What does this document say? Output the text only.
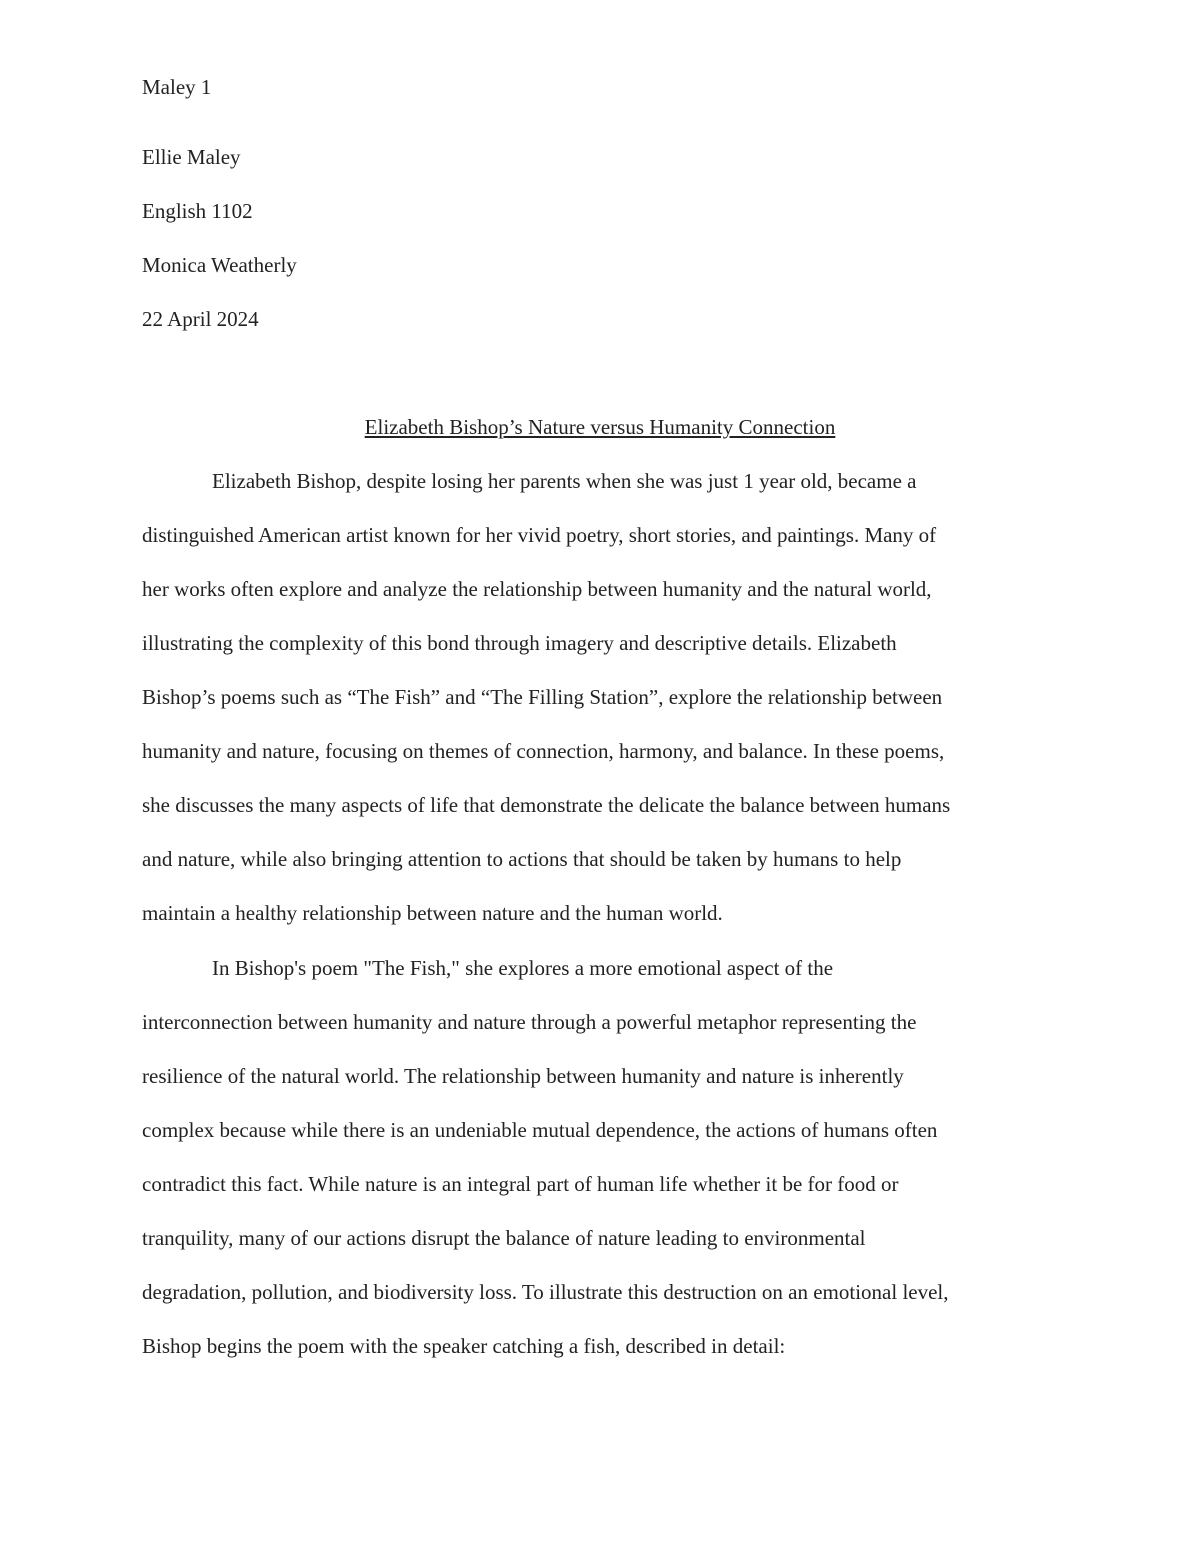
Maley 1

Ellie Maley

English 1102

Monica Weatherly

22 April 2024

Elizabeth Bishop’s Nature versus Humanity Connection

Elizabeth Bishop, despite losing her parents when she was just 1 year old, became a

distinguished American artist known for her vivid poetry, short stories, and paintings. Many of

her works often explore and analyze the relationship between humanity and the natural world,

illustrating the complexity of this bond through imagery and descriptive details. Elizabeth

Bishop’s poems such as “The Fish” and “The Filling Station”, explore the relationship between

humanity and nature, focusing on themes of connection, harmony, and balance. In these poems,

she discusses the many aspects of life that demonstrate the delicate the balance between humans

and nature, while also bringing attention to actions that should be taken by humans to help

maintain a healthy relationship between nature and the human world.

In Bishop's poem "The Fish," she explores a more emotional aspect of the

interconnection between humanity and nature through a powerful metaphor representing the

resilience of the natural world. The relationship between humanity and nature is inherently

complex because while there is an undeniable mutual dependence, the actions of humans often

contradict this fact. While nature is an integral part of human life whether it be for food or

tranquility, many of our actions disrupt the balance of nature leading to environmental

degradation, pollution, and biodiversity loss. To illustrate this destruction on an emotional level,

Bishop begins the poem with the speaker catching a fish, described in detail:
